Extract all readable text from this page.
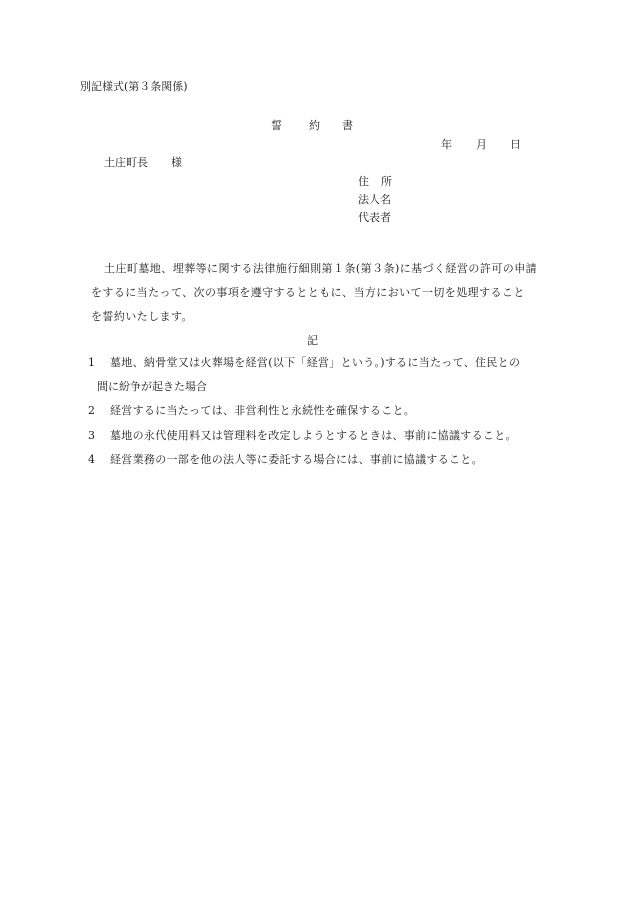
別記様式(第３条関係)
誓 約 書
年 月 日
土庄町長 様
住 所
法人名
代表者
土庄町墓地、埋葬等に関する法律施行細則第１条(第３条)に基づく経営の許可の申請
をするに当たって、次の事項を遵守するとともに、当方において一切を処理すること
を誓約いたします。
記
1 墓地、納骨堂又は火葬場を経営(以下「経営」という。)するに当たって、住民との
間に紛争が起きた場合
2 経営するに当たっては、非営利性と永続性を確保すること。
3 墓地の永代使用料又は管理料を改定しようとするときは、事前に協議すること。
4 経営業務の一部を他の法人等に委託する場合には、事前に協議すること。
